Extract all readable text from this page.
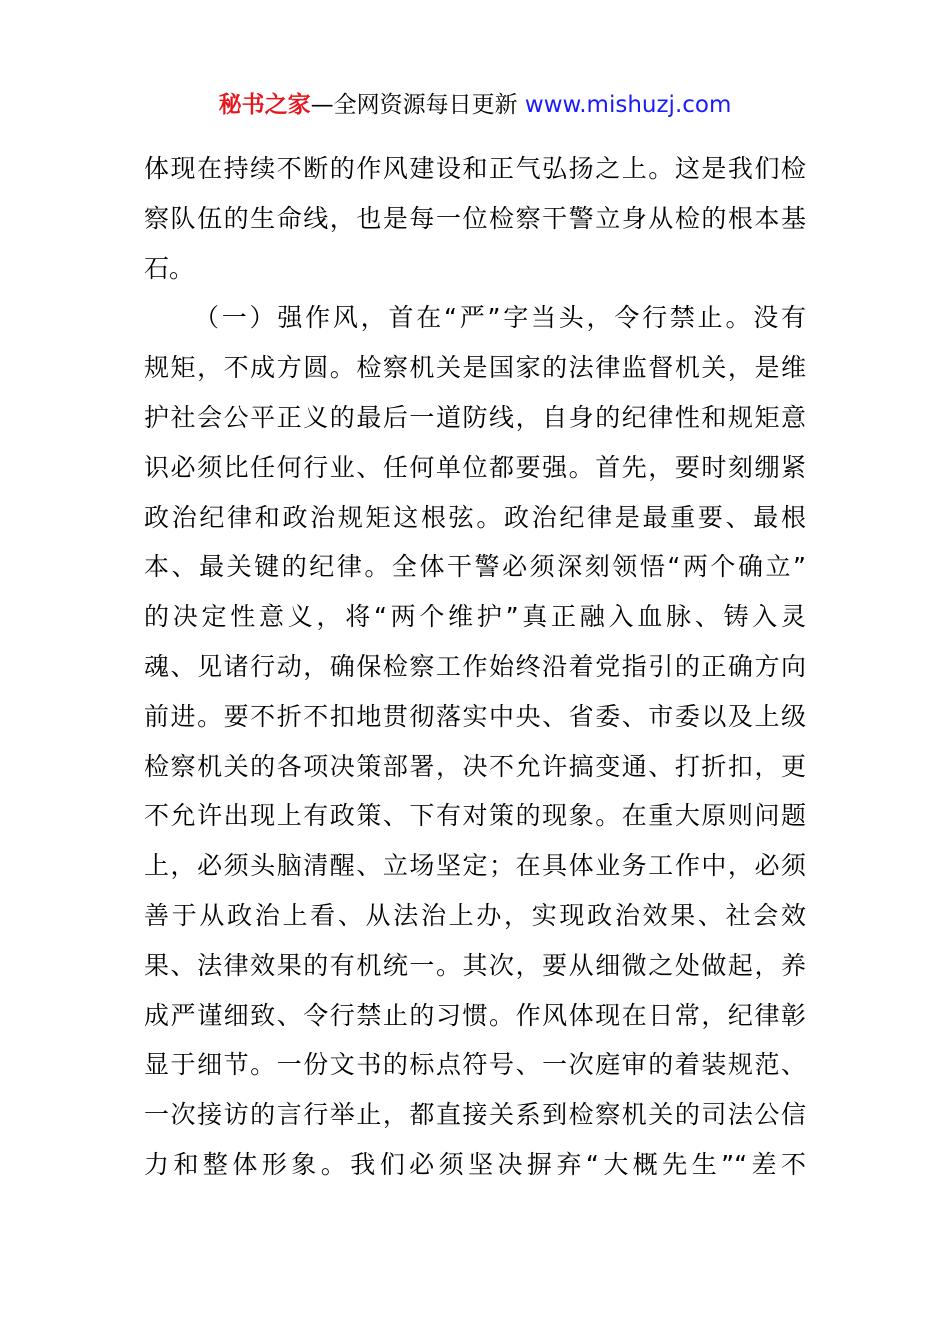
秘书之家—全网资源每日更新 www.mishuzj.com
体现在持续不断的作风建设和正气弘扬之上。这是我们检
察队伍的生命线，也是每一位检察干警立身从检的根本基
石。
（一）强作风，首在“严”字当头，令行禁止。没有
规矩，不成方圆。检察机关是国家的法律监督机关，是维
护社会公平正义的最后一道防线，自身的纪律性和规矩意
识必须比任何行业、任何单位都要强。首先，要时刻绷紧
政治纪律和政治规矩这根弦。政治纪律是最重要、最根
本、最关键的纪律。全体干警必须深刻领悟“两个确立”
的决定性意义，将“两个维护”真正融入血脉、铸入灵
魂、见诸行动，确保检察工作始终沿着党指引的正确方向
前进。要不折不扣地贯彻落实中央、省委、市委以及上级
检察机关的各项决策部署，决不允许搞变通、打折扣，更
不允许出现上有政策、下有对策的现象。在重大原则问题
上，必须头脑清醒、立场坚定；在具体业务工作中，必须
善于从政治上看、从法治上办，实现政治效果、社会效
果、法律效果的有机统一。其次，要从细微之处做起，养
成严谨细致、令行禁止的习惯。作风体现在日常，纪律彰
显于细节。一份文书的标点符号、一次庭审的着装规范、
一次接访的言行举止，都直接关系到检察机关的司法公信
力和整体形象。我们必须坚决摒弃“大概先生”“差不
